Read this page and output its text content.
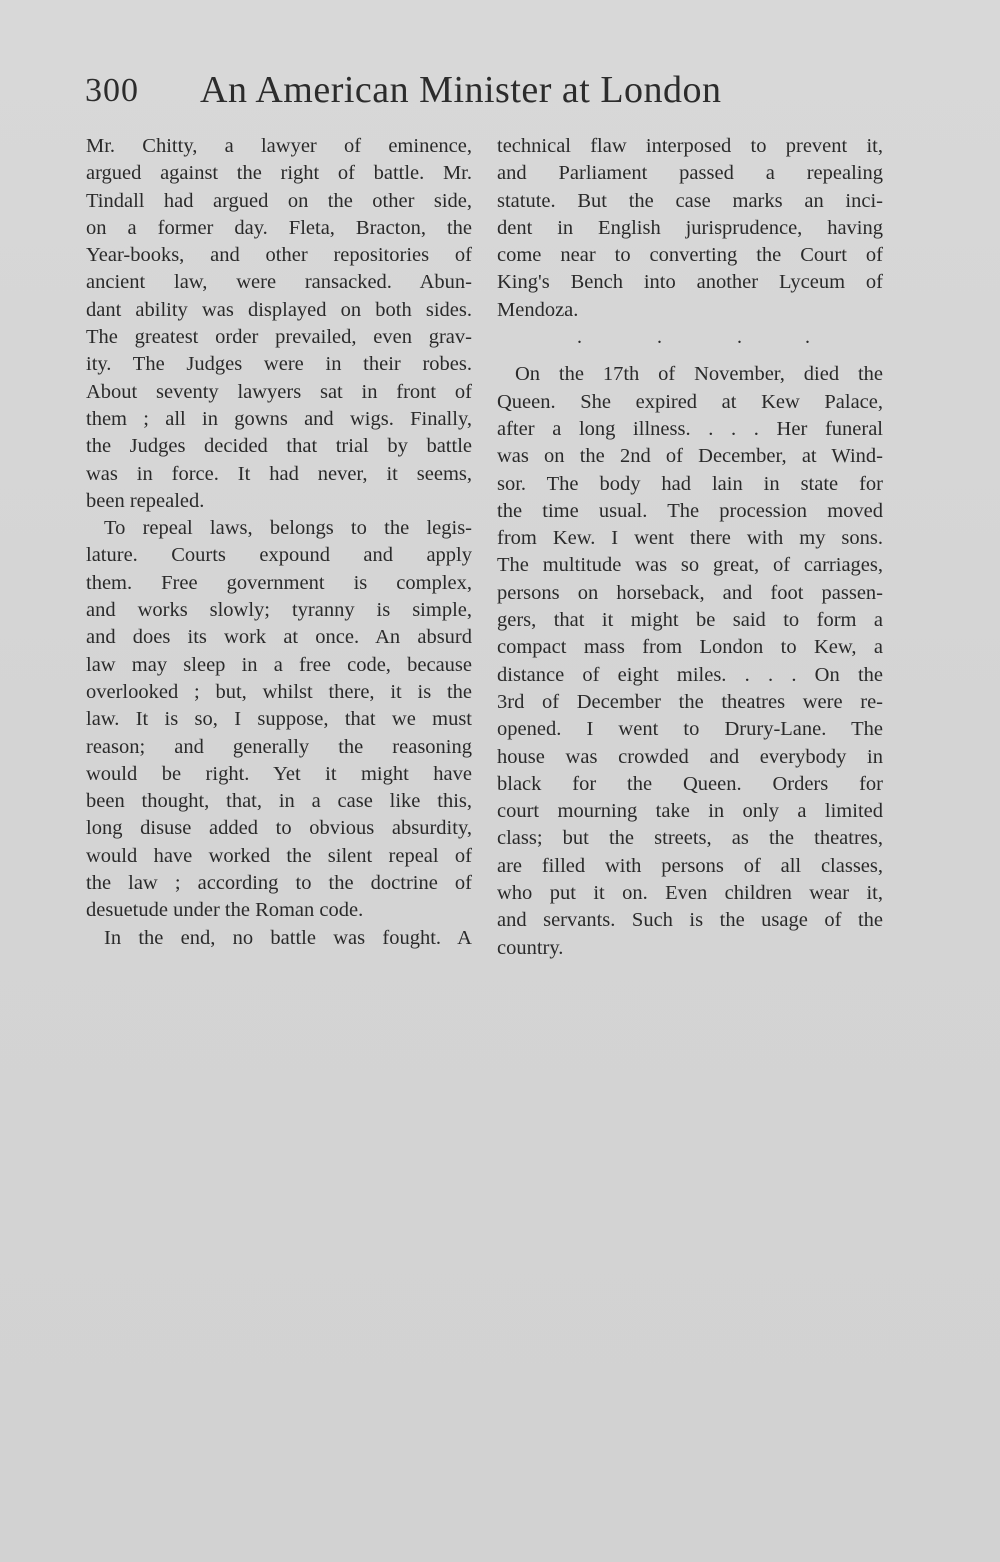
300 An American Minister at London
Mr. Chitty, a lawyer of eminence,
argued against the right of battle. Mr.
Tindall had argued on the other side,
on a former day. Fleta, Bracton, the
Year-books, and other repositories of
ancient law, were ransacked. Abun-
dant ability was displayed on both sides.
The greatest order prevailed, even grav-
ity. The Judges were in their robes.
About seventy lawyers sat in front of
them ; all in gowns and wigs. Finally,
the Judges decided that trial by battle
was in force. It had never, it seems,
been repealed.
To repeal laws, belongs to the legis-
lature. Courts expound and apply
them. Free government is complex,
and works slowly; tyranny is simple,
and does its work at once. An absurd
law may sleep in a free code, because
overlooked ; but, whilst there, it is the
law. It is so, I suppose, that we must
reason; and generally the reasoning
would be right. Yet it might have
been thought, that, in a case like this,
long disuse added to obvious absurdity,
would have worked the silent repeal of
the law ; according to the doctrine of
desuetude under the Roman code.
In the end, no battle was fought. A
technical flaw interposed to prevent it,
and Parliament passed a repealing
statute. But the case marks an inci-
dent in English jurisprudence, having
come near to converting the Court of
King's Bench into another Lyceum of
Mendoza.
.	.	.	.
On the 17th of November, died the
Queen. She expired at Kew Palace,
after a long illness. . . . Her funeral
was on the 2nd of December, at Wind-
sor. The body had lain in state for
the time usual. The procession moved
from Kew. I went there with my sons.
The multitude was so great, of carriages,
persons on horseback, and foot passen-
gers, that it might be said to form a
compact mass from London to Kew, a
distance of eight miles. . . . On the
3rd of December the theatres were re-
opened. I went to Drury-Lane. The
house was crowded and everybody in
black for the Queen. Orders for
court mourning take in only a limited
class; but the streets, as the theatres,
are filled with persons of all classes,
who put it on. Even children wear it,
and servants. Such is the usage of the
country.
